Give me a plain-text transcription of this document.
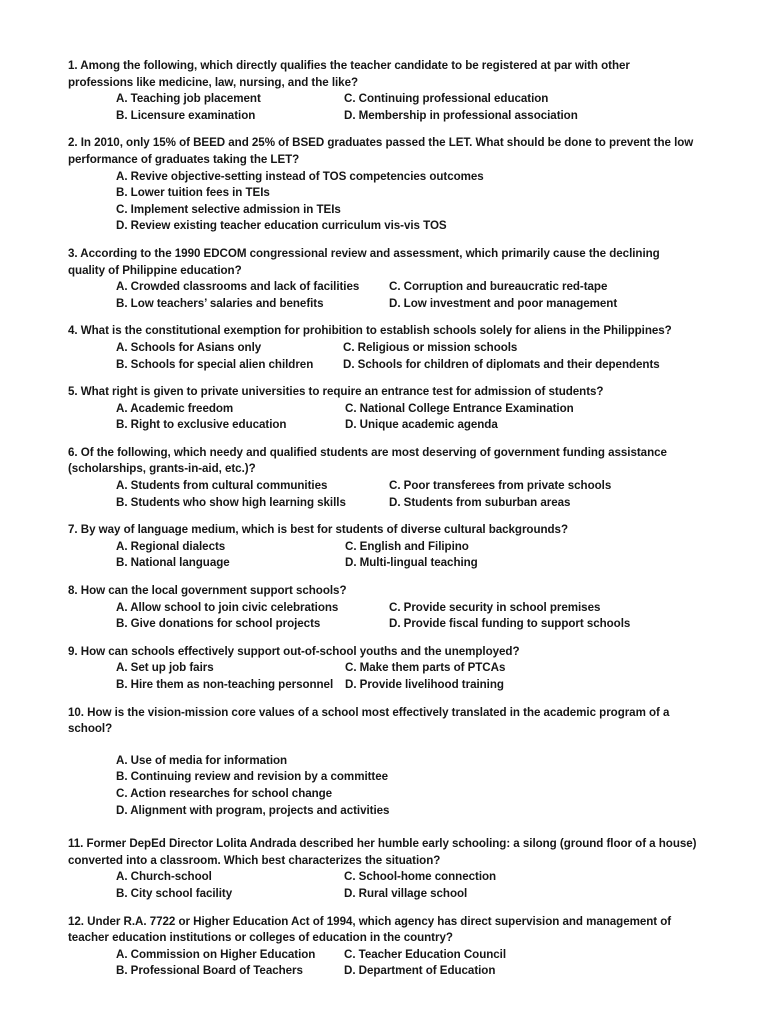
1. Among the following, which directly qualifies the teacher candidate to be registered at par with other professions like medicine, law, nursing, and the like?

A. Teaching job placement	C. Continuing professional education
B. Licensure examination	D. Membership in professional association

2. In 2010, only 15% of BEED and 25% of BSED graduates passed the LET. What should be done to prevent the low performance of graduates taking the LET?

A. Revive objective-setting instead of TOS competencies outcomes
B. Lower tuition fees in TEIs
C. Implement selective admission in TEIs
D. Review existing teacher education curriculum vis-vis TOS

3. According to the 1990 EDCOM congressional review and assessment, which primarily cause the declining quality of Philippine education?

A. Crowded classrooms and lack of facilities	C. Corruption and bureaucratic red-tape
B. Low teachers’ salaries and benefits	D. Low investment and poor management

4. What is the constitutional exemption for prohibition to establish schools solely for aliens in the Philippines?

A. Schools for Asians only	C. Religious or mission schools
B. Schools for special alien children	D. Schools for children of diplomats and their dependents

5. What right is given to private universities to require an entrance test for admission of students?

A. Academic freedom	C. National College Entrance Examination
B. Right to exclusive education	D. Unique academic agenda

6. Of the following, which needy and qualified students are most deserving of government funding assistance (scholarships, grants-in-aid, etc.)?

A. Students from cultural communities	C. Poor transferees from private schools
B. Students who show high learning skills	D. Students from suburban areas

7. By way of language medium, which is best for students of diverse cultural backgrounds?

A. Regional dialects	C. English and Filipino
B. National language	D. Multi-lingual teaching

8. How can the local government support schools?

A. Allow school to join civic celebrations	C. Provide security in school premises
B. Give donations for school projects	D. Provide fiscal funding to support schools

9. How can schools effectively support out-of-school youths and the unemployed?

A. Set up job fairs	C. Make them parts of PTCAs
B. Hire them as non-teaching personnel	D. Provide livelihood training

10. How is the vision-mission core values of a school most effectively translated in the academic program of a school?

A. Use of media for information
B. Continuing review and revision by a committee
C. Action researches for school change
D. Alignment with program, projects and activities

11. Former DepEd Director Lolita Andrada described her humble early schooling: a silong (ground floor of a house) converted into a classroom. Which best characterizes the situation?

A. Church-school	C. School-home connection
B. City school facility	D. Rural village school

12. Under R.A. 7722 or Higher Education Act of 1994, which agency has direct supervision and management of teacher education institutions or colleges of education in the country?

A. Commission on Higher Education	C. Teacher Education Council
B. Professional Board of Teachers	D. Department of Education
